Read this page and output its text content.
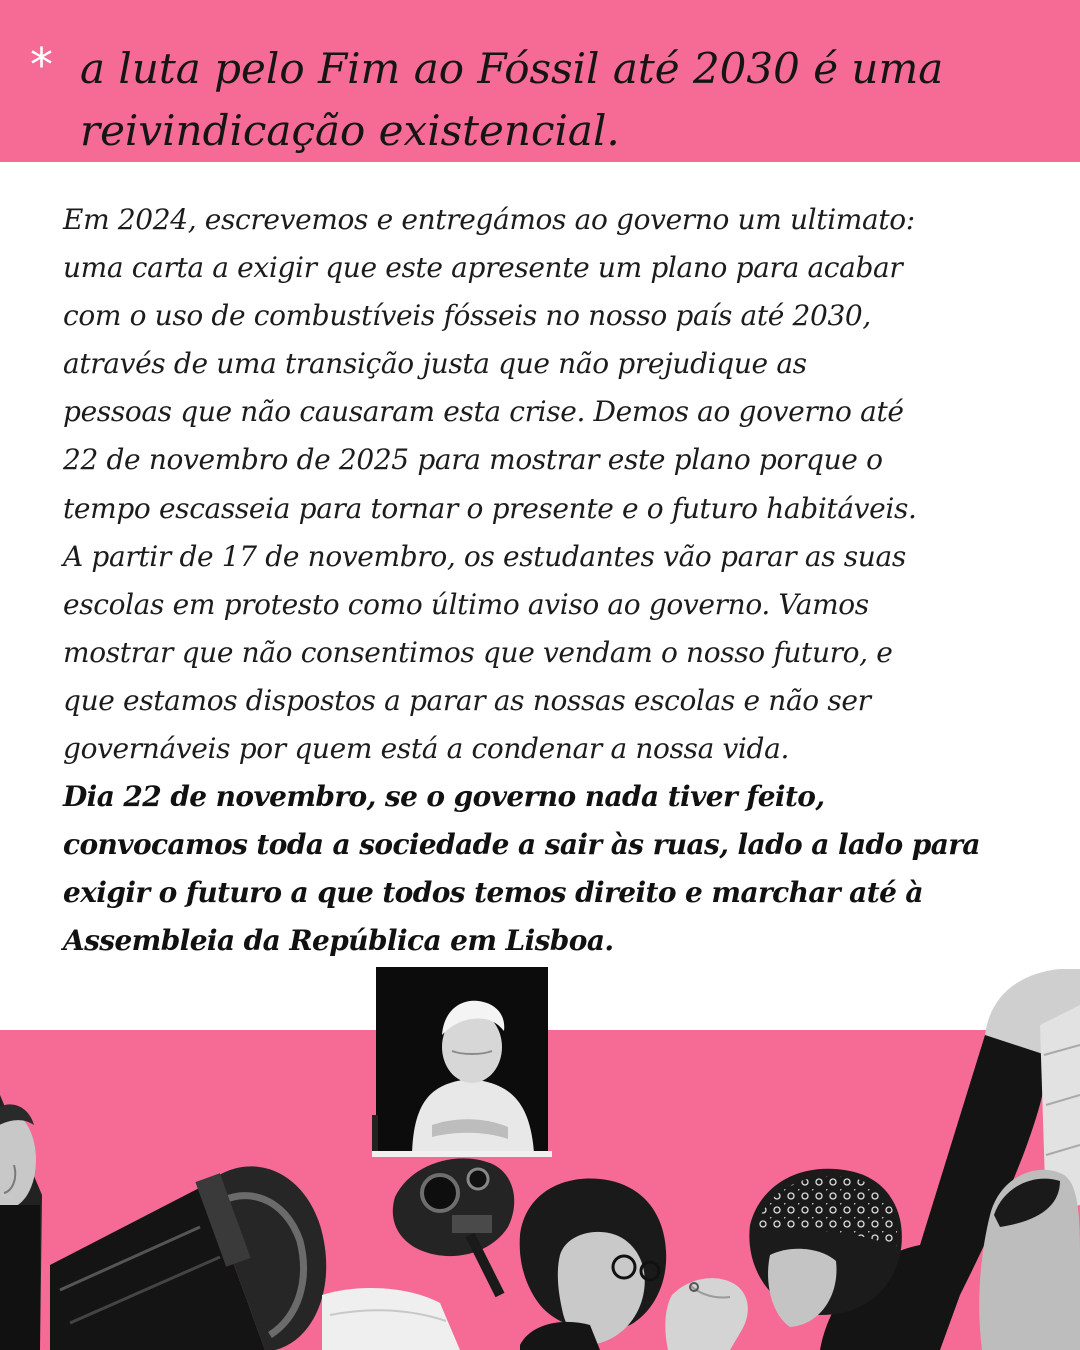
* a luta pelo Fim ao Fóssil até 2030 é uma
reivindicação existencial.

Em 2024, escrevemos e entregámos ao governo um ultimato:
uma carta a exigir que este apresente um plano para acabar
com o uso de combustíveis fósseis no nosso país até 2030,
através de uma transição justa que não prejudique as
pessoas que não causaram esta crise. Demos ao governo até
22 de novembro de 2025 para mostrar este plano porque o
tempo escasseia para tornar o presente e o futuro habitáveis.
A partir de 17 de novembro, os estudantes vão parar as suas
escolas em protesto como último aviso ao governo. Vamos
mostrar que não consentimos que vendam o nosso futuro, e
que estamos dispostos a parar as nossas escolas e não ser
governáveis por quem está a condenar a nossa vida.
Dia 22 de novembro, se o governo nada tiver feito,
convocamos toda a sociedade a sair às ruas, lado a lado para
exigir o futuro a que todos temos direito e marchar até à
Assembleia da República em Lisboa.
